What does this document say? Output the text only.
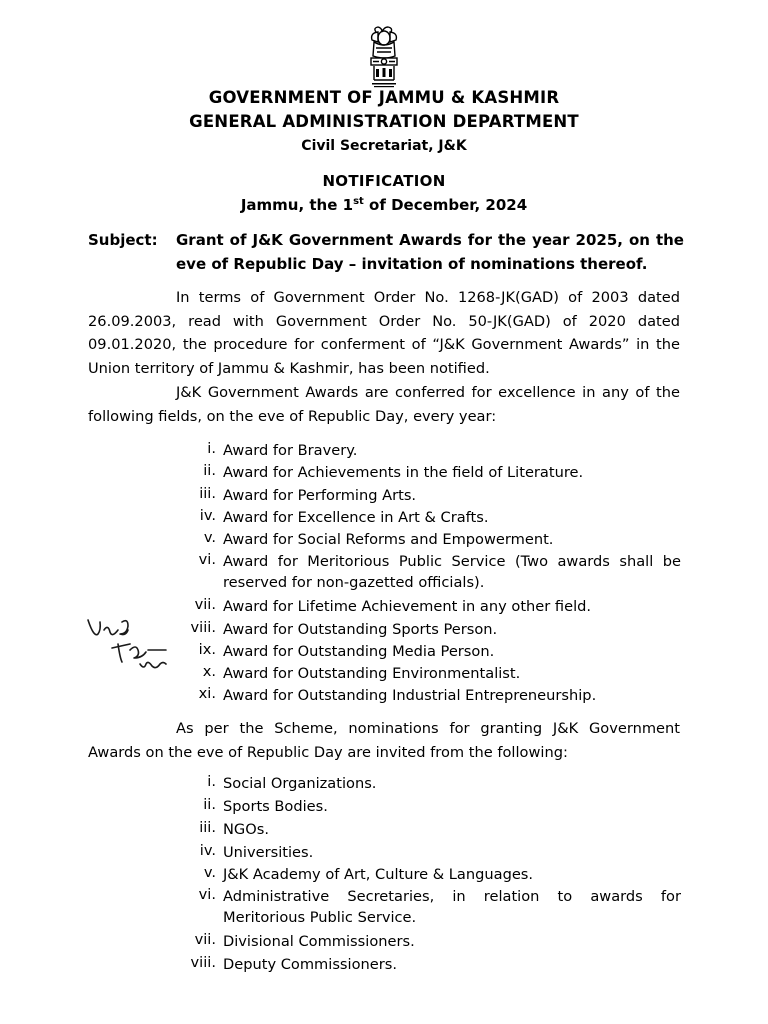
GOVERNMENT OF JAMMU & KASHMIR
GENERAL ADMINISTRATION DEPARTMENT
Civil Secretariat, J&K
NOTIFICATION
Jammu, the 1st of December, 2024
Subject: Grant of J&K Government Awards for the year 2025, on the eve of Republic Day – invitation of nominations thereof.
In terms of Government Order No. 1268-JK(GAD) of 2003 dated 26.09.2003, read with Government Order No. 50-JK(GAD) of 2020 dated 09.01.2020, the procedure for conferment of “J&K Government Awards” in the Union territory of Jammu & Kashmir, has been notified.
J&K Government Awards are conferred for excellence in any of the following fields, on the eve of Republic Day, every year:
i. Award for Bravery.
ii. Award for Achievements in the field of Literature.
iii. Award for Performing Arts.
iv. Award for Excellence in Art & Crafts.
v. Award for Social Reforms and Empowerment.
vi. Award for Meritorious Public Service (Two awards shall be reserved for non-gazetted officials).
vii. Award for Lifetime Achievement in any other field.
viii. Award for Outstanding Sports Person.
ix. Award for Outstanding Media Person.
x. Award for Outstanding Environmentalist.
xi. Award for Outstanding Industrial Entrepreneurship.
As per the Scheme, nominations for granting J&K Government Awards on the eve of Republic Day are invited from the following:
i. Social Organizations.
ii. Sports Bodies.
iii. NGOs.
iv. Universities.
v. J&K Academy of Art, Culture & Languages.
vi. Administrative Secretaries, in relation to awards for Meritorious Public Service.
vii. Divisional Commissioners.
viii. Deputy Commissioners.
